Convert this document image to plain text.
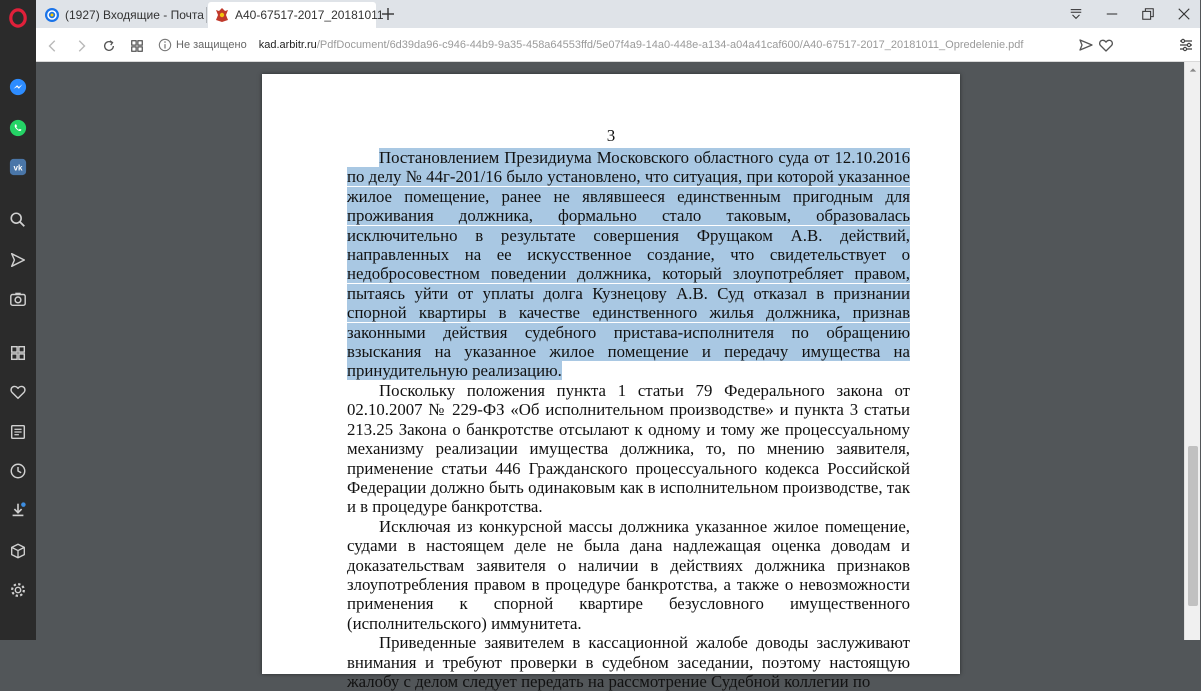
vk
(1927) Входящие - Почта	А40-67517-2017_20181011
Не защищено kad.arbitr.ru /PdfDocument/6d39da96-c946-44b9-9a35-458a64553ffd/5e07f4a9-14a0-448e-a134-a04a41caf600/A40-67517-2017_20181011_Opredelenie.pdf
3

Постановлением Президиума Московского областного суда от 12.10.2016 по делу № 44г-201/16 было установлено, что ситуация, при которой указанное жилое помещение, ранее не являвшееся единственным пригодным для проживания должника, формально стало таковым, образовалась исключительно в результате совершения Фрущаком А.В. действий, направленных на ее искусственное создание, что свидетельствует о недобросовестном поведении должника, который злоупотребляет правом, пытаясь уйти от уплаты долга Кузнецову А.В. Суд отказал в признании спорной квартиры в качестве единственного жилья должника, признав законными действия судебного пристава-исполнителя по обращению взыскания на указанное жилое помещение и передачу имущества на принудительную реализацию.

Поскольку положения пункта 1 статьи 79 Федерального закона от 02.10.2007 № 229-ФЗ «Об исполнительном производстве» и пункта 3 статьи 213.25 Закона о банкротстве отсылают к одному и тому же процессуальному механизму реализации имущества должника, то, по мнению заявителя, применение статьи 446 Гражданского процессуального кодекса Российской Федерации должно быть одинаковым как в исполнительном производстве, так и в процедуре банкротства.

Исключая из конкурсной массы должника указанное жилое помещение, судами в настоящем деле не была дана надлежащая оценка доводам и доказательствам заявителя о наличии в действиях должника признаков злоупотребления правом в процедуре банкротства, а также о невозможности применения к спорной квартире безусловного имущественного (исполнительского) иммунитета.

Приведенные заявителем в кассационной жалобе доводы заслуживают внимания и требуют проверки в судебном заседании, поэтому настоящую жалобу с делом следует передать на рассмотрение Судебной коллегии по
